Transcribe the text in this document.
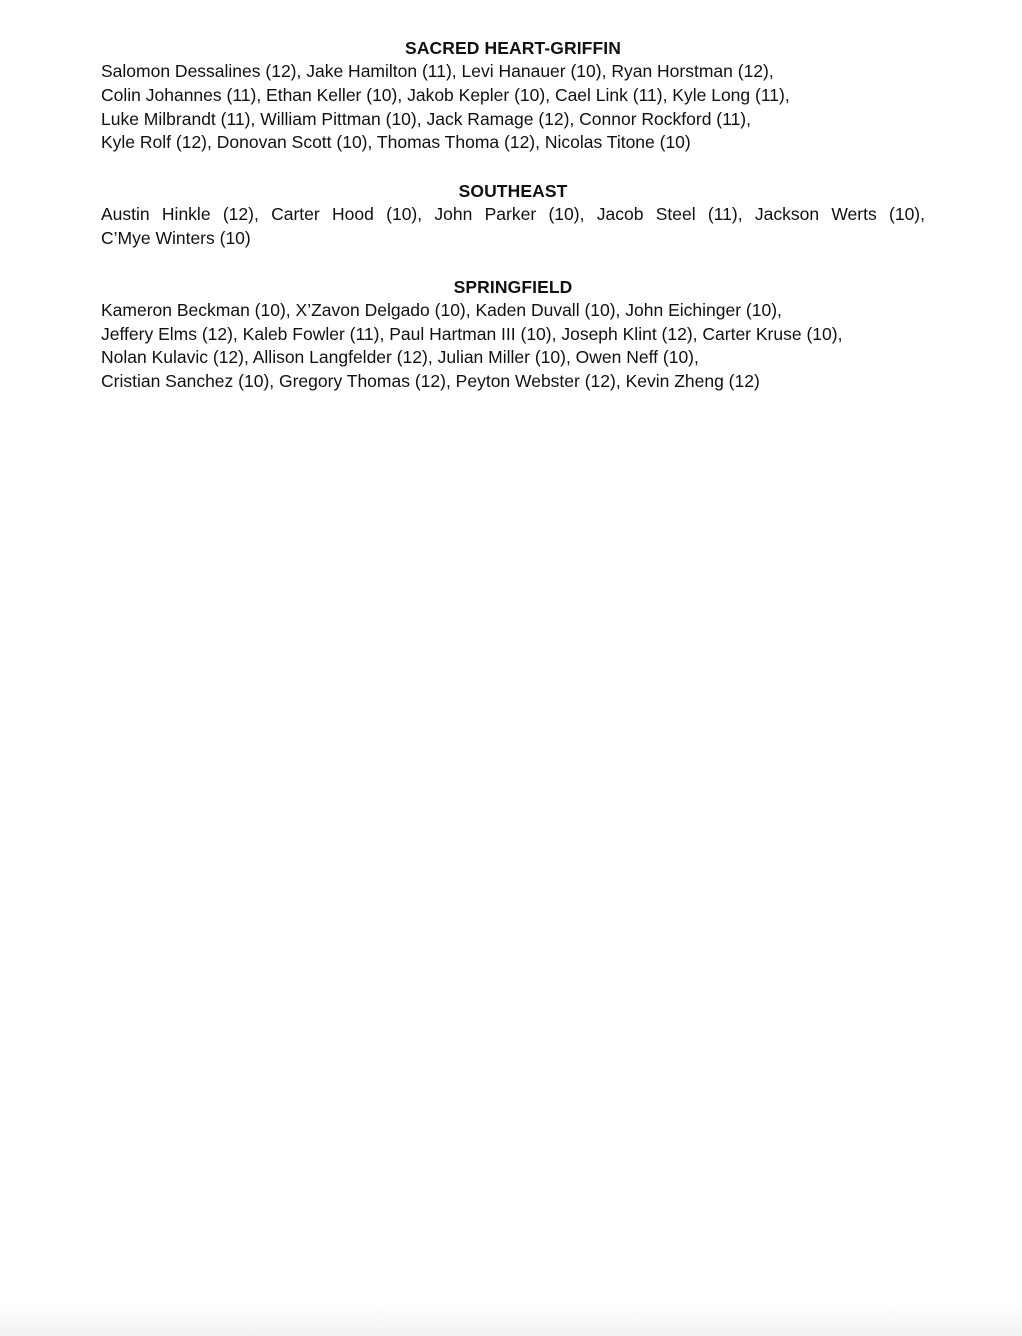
SACRED HEART-GRIFFIN
Salomon Dessalines (12), Jake Hamilton (11), Levi Hanauer (10), Ryan Horstman (12),
Colin Johannes (11), Ethan Keller (10), Jakob Kepler (10), Cael Link (11), Kyle Long (11),
Luke Milbrandt (11), William Pittman (10), Jack Ramage (12), Connor Rockford (11),
Kyle Rolf (12), Donovan Scott (10), Thomas Thoma (12), Nicolas Titone (10)
SOUTHEAST
Austin Hinkle (12), Carter Hood (10), John Parker (10), Jacob Steel (11), Jackson Werts (10),
C’Mye Winters (10)
SPRINGFIELD
Kameron Beckman (10), X’Zavon Delgado (10), Kaden Duvall (10), John Eichinger (10),
Jeffery Elms (12), Kaleb Fowler (11), Paul Hartman III (10), Joseph Klint (12), Carter Kruse (10),
Nolan Kulavic (12), Allison Langfelder (12), Julian Miller (10), Owen Neff (10),
Cristian Sanchez (10), Gregory Thomas (12), Peyton Webster (12), Kevin Zheng (12)
